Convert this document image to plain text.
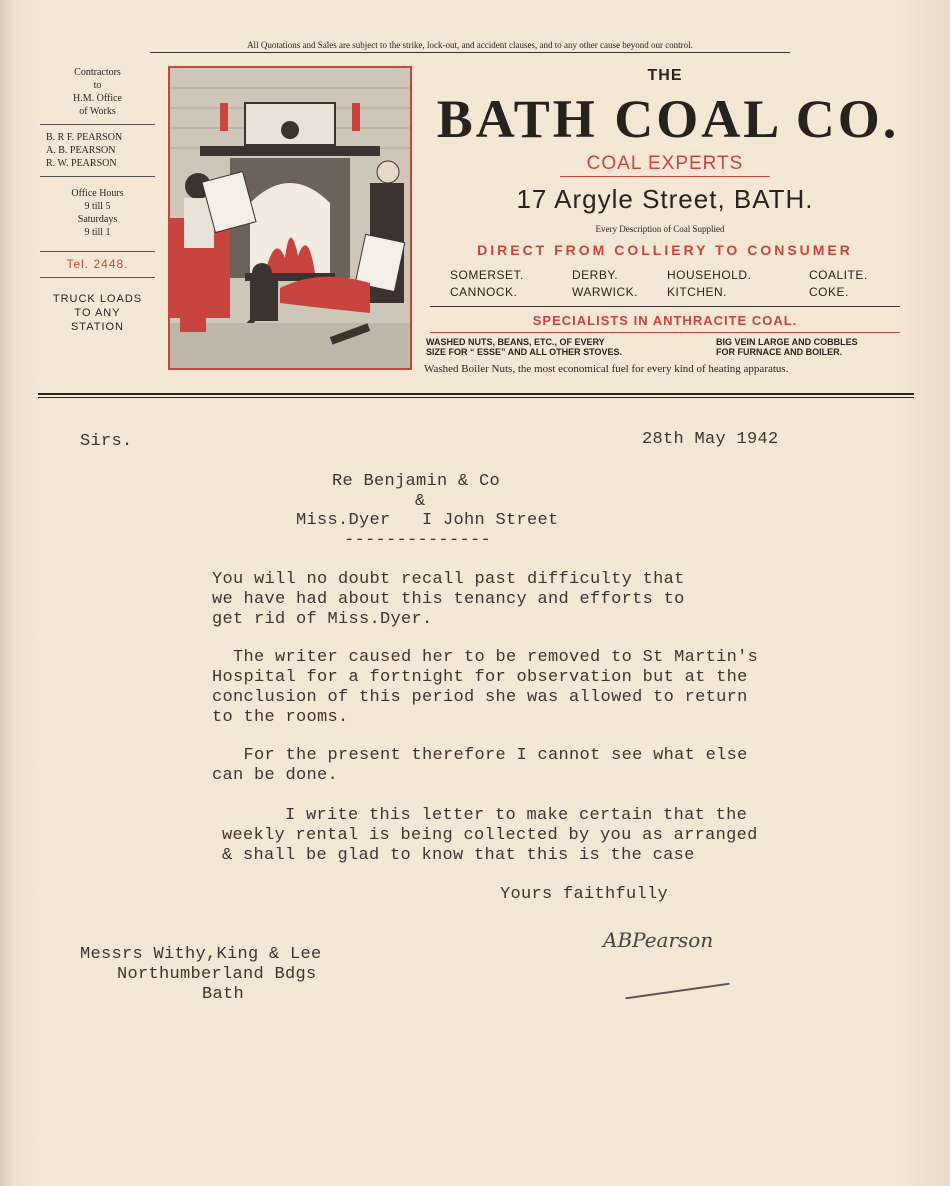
All Quotations and Sales are subject to the strike, lock-out, and accident clauses, and to any other cause beyond our control.
Contractors
to
H.M. Office
of Works
B. R F. PEARSON
A. B. PEARSON
R. W. PEARSON
Office Hours
9 till 5
Saturdays
9 till 1
Tel. 2448.
TRUCK LOADS
TO ANY
STATION
THE
BATH COAL CO.
COAL EXPERTS
17 Argyle Street, BATH.
Every Description of Coal Supplied
DIRECT FROM COLLIERY TO CONSUMER
SOMERSET.	DERBY.	HOUSEHOLD.	COALITE.
CANNOCK.	WARWICK.	KITCHEN.	COKE.
SPECIALISTS IN ANTHRACITE COAL.
WASHED NUTS, BEANS, ETC., OF EVERY
SIZE FOR “ ESSE” AND ALL OTHER STOVES.
BIG VEIN LARGE AND COBBLES
FOR FURNACE AND BOILER.
Washed Boiler Nuts, the most economical fuel for every kind of heating apparatus.
Sirs.	28th May 1942
Re Benjamin & Co
&
Miss.Dyer   I John Street
--------------
You will no doubt recall past difficulty that
we have had about this tenancy and efforts to
get rid of Miss.Dyer.
The writer caused her to be removed to St Martin's
Hospital for a fortnight for observation but at the
conclusion of this period she was allowed to return
to the rooms.
For the present therefore I cannot see what else
can be done.
I write this letter to make certain that the
weekly rental is being collected by you as arranged
& shall be glad to know that this is the case
Yours faithfully
ABPearson
Messrs Withy,King & Lee
Northumberland Bdgs
Bath
